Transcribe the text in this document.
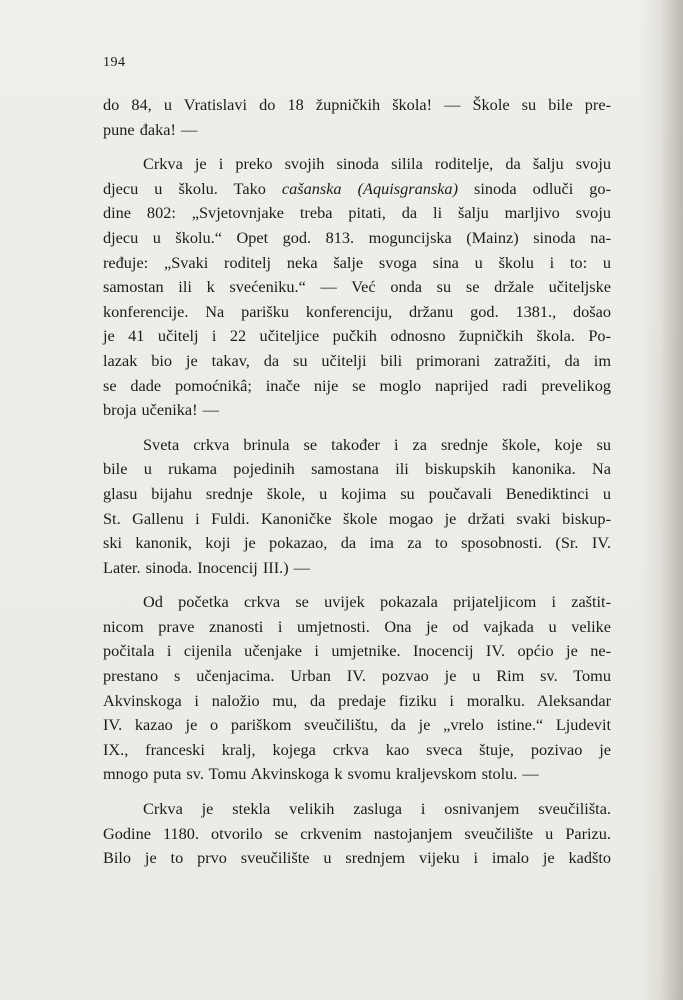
194
do 84, u Vratislavi do 18 župničkih škola! — Škole su bile pre-
pune đaka! —
Crkva je i preko svojih sinoda silila roditelje, da šalju svoju
djecu u školu. Tako cašanska (Aquisgranska) sinoda odluči go-
dine 802: „Svjetovnjake treba pitati, da li šalju marljivo svoju
djecu u školu.“ Opet god. 813. moguncijska (Mainz) sinoda na-
ređuje: „Svaki roditelj neka šalje svoga sina u školu i to: u
samostan ili k svećeniku.“ — Već onda su se držale učiteljske
konferencije. Na parišku konferenciju, držanu god. 1381., došao
je 41 učitelj i 22 učiteljice pučkih odnosno župničkih škola. Po-
lazak bio je takav, da su učitelji bili primorani zatražiti, da im
se dade pomoćnikâ; inače nije se moglo naprijed radi prevelikog
broja učenika! —
Sveta crkva brinula se također i za srednje škole, koje su
bile u rukama pojedinih samostana ili biskupskih kanonika. Na
glasu bijahu srednje škole, u kojima su poučavali Benediktinci u
St. Gallenu i Fuldi. Kanoničke škole mogao je držati svaki biskup-
ski kanonik, koji je pokazao, da ima za to sposobnosti. (Sr. IV.
Later. sinoda. Inocencij III.) —
Od početka crkva se uvijek pokazala prijateljicom i zaštit-
nicom prave znanosti i umjetnosti. Ona je od vajkada u velike
počitala i cijenila učenjake i umjetnike. Inocencij IV. općio je ne-
prestano s učenjacima. Urban IV. pozvao je u Rim sv. Tomu
Akvinskoga i naložio mu, da predaje fiziku i moralku. Aleksandar
IV. kazao je o pariškom sveučilištu, da je „vrelo istine.“ Ljudevit
IX., franceski kralj, kojega crkva kao sveca štuje, pozivao je
mnogo puta sv. Tomu Akvinskoga k svomu kraljevskom stolu. —
Crkva je stekla velikih zasluga i osnivanjem sveučilišta.
Godine 1180. otvorilo se crkvenim nastojanjem sveučilište u Parizu.
Bilo je to prvo sveučilište u srednjem vijeku i imalo je kadšto
